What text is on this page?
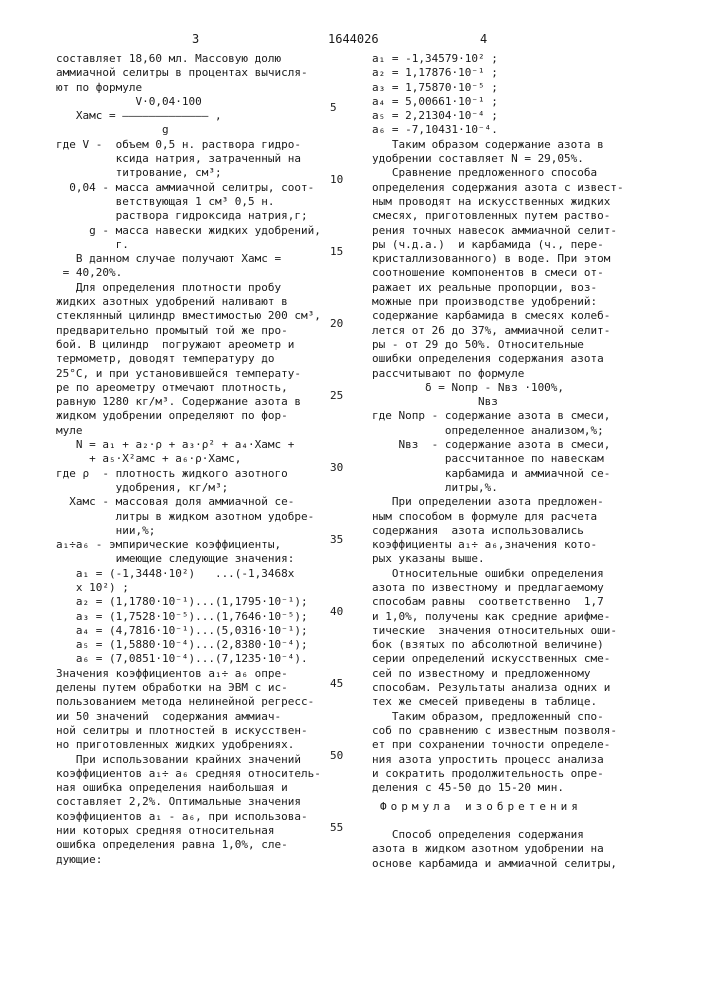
3	1644026	4
составляет 18,60 мл. Массовую долю
аммиачной селитры в процентах вычисля-
ют по формуле
V·0,04·100
Xамс = ————————————— ,
g
где V -  объем 0,5 н. раствора гидро-
ксида натрия, затраченный на
титрование, см³;
0,04 - масса аммиачной селитры, соот-
ветствующая 1 см³ 0,5 н.
раствора гидроксида натрия,г;
g - масса навески жидких удобрений,
г.
В данном случае получают Xамс =
= 40,20%.
Для определения плотности пробу
жидких азотных удобрений наливают в
стеклянный цилиндр вместимостью 200 см³,
предварительно промытый той же про-
бой. В цилиндр  погружают ареометр и
термометр, доводят температуру до
25°С, и при установившейся температу-
ре по ареометру отмечают плотность,
равную 1280 кг/м³. Содержание азота в
жидком удобрении определяют по фор-
муле
N = a₁ + a₂·ρ + a₃·ρ² + a₄·Xамс +
+ a₅·X²амс + a₆·ρ·Xамс,
где ρ  - плотность жидкого азотного
удобрения, кг/м³;
Xамс - массовая доля аммиачной се-
литры в жидком азотном удобре-
нии,%;
a₁÷a₆ - эмпирические коэффициенты,
имеющие следующие значения:
a₁ = (-1,3448·10²)   ...(-1,3468х
х 10²) ;
a₂ = (1,1780·10⁻¹)...(1,1795·10⁻¹);
a₃ = (1,7528·10⁻⁵)...(1,7646·10⁻⁵);
a₄ = (4,7816·10⁻¹)...(5,0316·10⁻¹);
a₅ = (1,5880·10⁻⁴)...(2,8380·10⁻⁴);
a₆ = (7,0851·10⁻⁴)...(7,1235·10⁻⁴).
Значения коэффициентов a₁÷ a₆ опре-
делены путем обработки на ЭВМ с ис-
пользованием метода нелинейной регресс-
ии 50 значений  содержания аммиач-
ной селитры и плотностей в искусствен-
но приготовленных жидких удобрениях.
При использовании крайних значений
коэффициентов a₁÷ a₆ средняя относитель-
ная ошибка определения наибольшая и
составляет 2,2%. Оптимальные значения
коэффициентов a₁ - a₆, при использова-
нии которых средняя относительная
ошибка определения равна 1,0%, сле-
дующие:
a₁ = -1,34579·10² ;
a₂ = 1,17876·10⁻¹ ;
a₃ = 1,75870·10⁻⁵ ;
a₄ = 5,00661·10⁻¹ ;
a₅ = 2,21304·10⁻⁴ ;
a₆ = -7,10431·10⁻⁴.
Таким образом содержание азота в
удобрении составляет N = 29,05%.
Сравнение предложенного способа
определения содержания азота с извест-
ным проводят на искусственных жидких
смесях, приготовленных путем раство-
рения точных навесок аммиачной селит-
ры (ч.д.а.)  и карбамида (ч., пере-
кристаллизованного) в воде. При этом
соотношение компонентов в смеси от-
ражает их реальные пропорции, воз-
можные при производстве удобрений:
содержание карбамида в смесях колеб-
лется от 26 до 37%, аммиачной селит-
ры - от 29 до 50%. Относительные
ошибки определения содержания азота
рассчитывают по формуле
δ = Nопр - Nвз ·100%,
Nвз
где Nопр - содержание азота в смеси,
определенное анализом,%;
Nвз  - содержание азота в смеси,
рассчитанное по навескам
карбамида и аммиачной се-
литры,%.
При определении азота предложен-
ным способом в формуле для расчета
содержания  азота использовались
коэффициенты a₁÷ a₆,значения кото-
рых указаны выше.
Относительные ошибки определения
азота по известному и предлагаемому
способам равны  соответственно  1,7
и 1,0%, получены как средние арифме-
тические  значения относительных оши-
бок (взятых по абсолютной величине)
серии определений искусственных сме-
сей по известному и предложенному
способам. Результаты анализа одних и
тех же смесей приведены в таблице.
Таким образом, предложенный спо-
соб по сравнению с известным позволя-
ет при сохранении точности определе-
ния азота упростить процесс анализа
и сократить продолжительность опре-
деления с 45-50 до 15-20 мин.
5
10
15
20
25
30
35
40
45
50
55
Формула изобретения
Способ определения содержания
азота в жидком азотном удобрении на
основе карбамида и аммиачной селитры,
